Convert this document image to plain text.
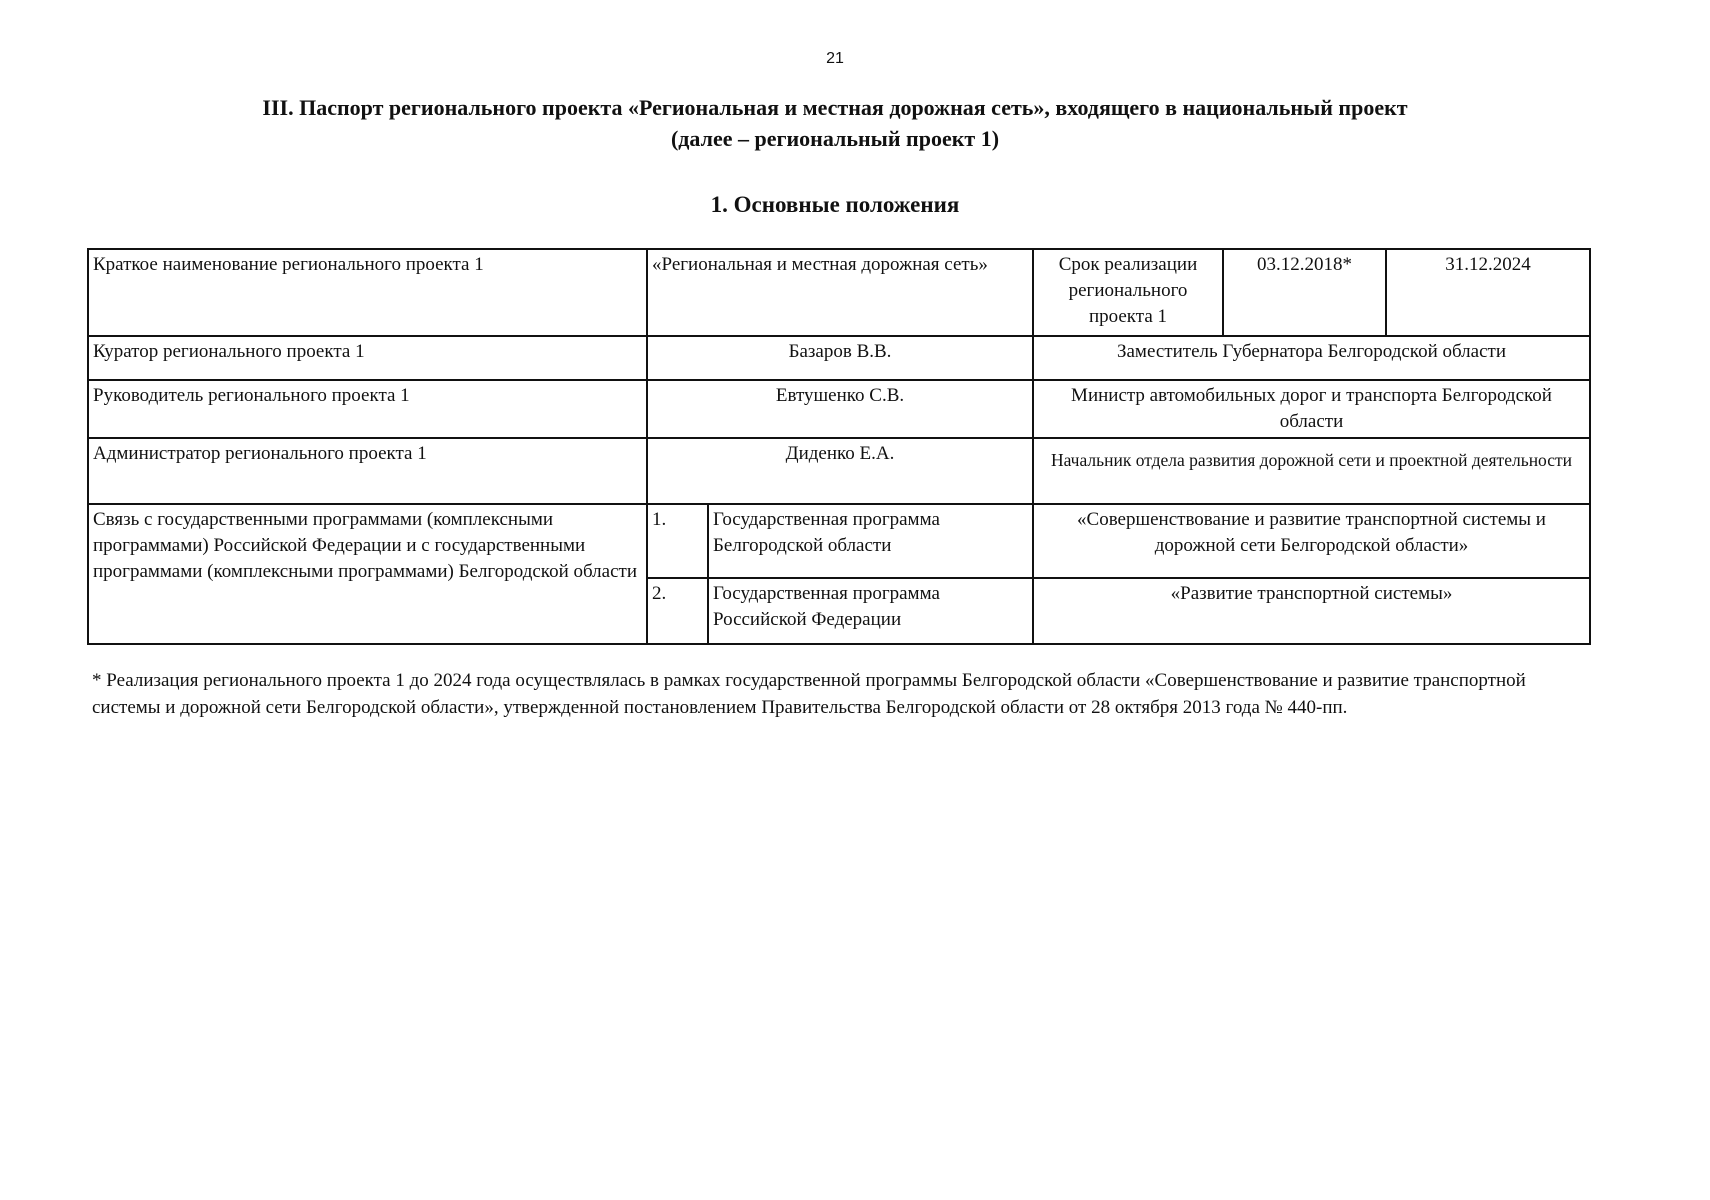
21
III. Паспорт регионального проекта «Региональная и местная дорожная сеть», входящего в национальный проект
(далее – региональный проект 1)
1. Основные положения
Краткое наименование регионального проекта 1	«Региональная и местная дорожная сеть»		Срок реализации регионального проекта 1	03.12.2018*	31.12.2024
Куратор регионального проекта 1	Базаров В.В.		Заместитель Губернатора Белгородской области		
Руководитель регионального проекта 1	Евтушенко С.В.		Министр автомобильных дорог и транспорта Белгородской области		
Администратор регионального проекта 1	Диденко Е.А.		Начальник отдела развития дорожной сети и проектной деятельности		
Связь с государственными программами (комплексными программами) Российской Федерации и с государственными программами (комплексными программами) Белгородской области	1.	Государственная программа Белгородской области	«Совершенствование и развитие транспортной системы и дорожной сети Белгородской области»		
	2.	Государственная программа Российской Федерации	«Развитие транспортной системы»		
* Реализация регионального проекта 1 до 2024 года осуществлялась в рамках государственной программы Белгородской области «Совершенствование и развитие транспортной системы и дорожной сети Белгородской области», утвержденной постановлением Правительства Белгородской области от 28 октября 2013 года № 440-пп.
